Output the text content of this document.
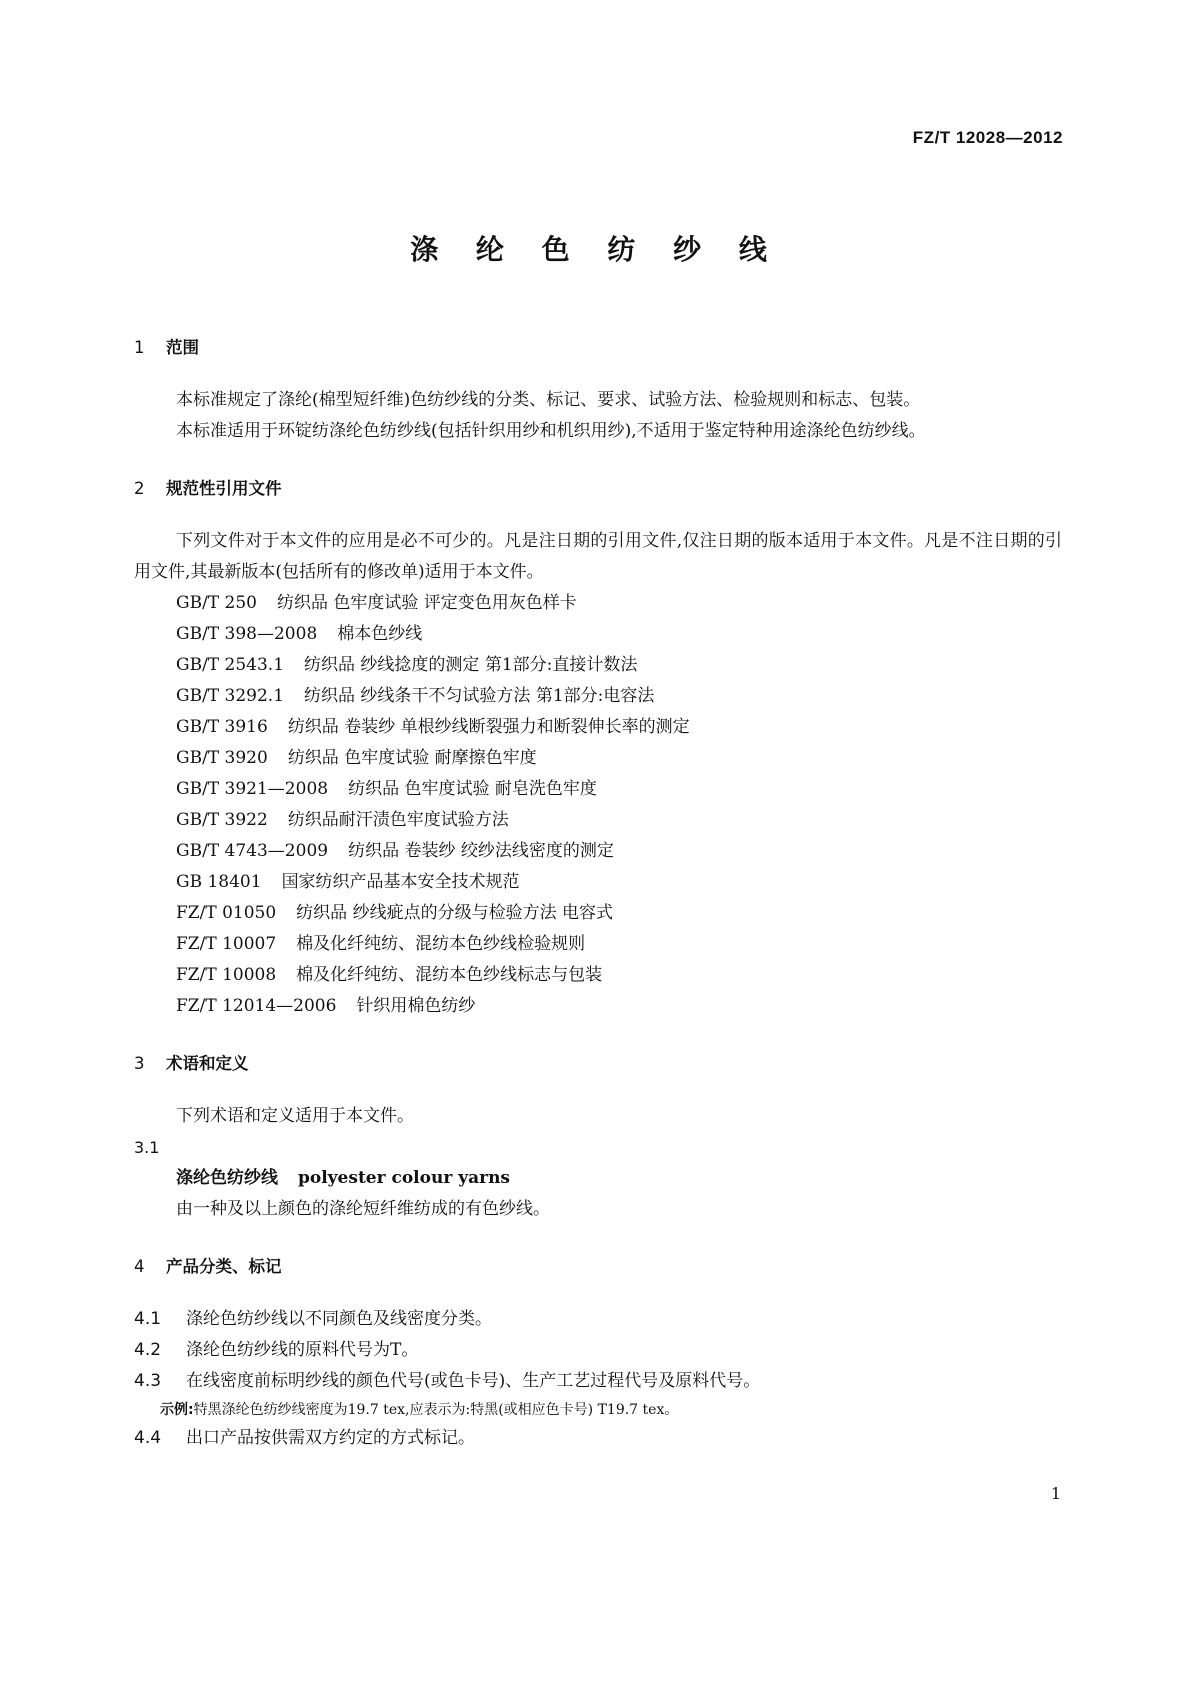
FZ/T 12028—2012
涤 纶 色 纺 纱 线
1 范围
本标准规定了涤纶(棉型短纤维)色纺纱线的分类、标记、要求、试验方法、检验规则和标志、包装。
本标准适用于环锭纺涤纶色纺纱线(包括针织用纱和机织用纱),不适用于鉴定特种用途涤纶色纺纱线。
2 规范性引用文件
下列文件对于本文件的应用是必不可少的。凡是注日期的引用文件,仅注日期的版本适用于本文件。凡是不注日期的引用文件,其最新版本(包括所有的修改单)适用于本文件。
GB/T 250 纺织品 色牢度试验 评定变色用灰色样卡
GB/T 398—2008 棉本色纱线
GB/T 2543.1 纺织品 纱线捻度的测定 第1部分:直接计数法
GB/T 3292.1 纺织品 纱线条干不匀试验方法 第1部分:电容法
GB/T 3916 纺织品 卷装纱 单根纱线断裂强力和断裂伸长率的测定
GB/T 3920 纺织品 色牢度试验 耐摩擦色牢度
GB/T 3921—2008 纺织品 色牢度试验 耐皂洗色牢度
GB/T 3922 纺织品耐汗渍色牢度试验方法
GB/T 4743—2009 纺织品 卷装纱 绞纱法线密度的测定
GB 18401 国家纺织产品基本安全技术规范
FZ/T 01050 纺织品 纱线疵点的分级与检验方法 电容式
FZ/T 10007 棉及化纤纯纺、混纺本色纱线检验规则
FZ/T 10008 棉及化纤纯纺、混纺本色纱线标志与包装
FZ/T 12014—2006 针织用棉色纺纱
3 术语和定义
下列术语和定义适用于本文件。
3.1
涤纶色纺纱线 polyester colour yarns
由一种及以上颜色的涤纶短纤维纺成的有色纱线。
4 产品分类、标记
4.1 涤纶色纺纱线以不同颜色及线密度分类。
4.2 涤纶色纺纱线的原料代号为T。
4.3 在线密度前标明纱线的颜色代号(或色卡号)、生产工艺过程代号及原料代号。
示例:特黑涤纶色纺纱线密度为19.7 tex,应表示为:特黑(或相应色卡号) T19.7 tex。
4.4 出口产品按供需双方约定的方式标记。
1
